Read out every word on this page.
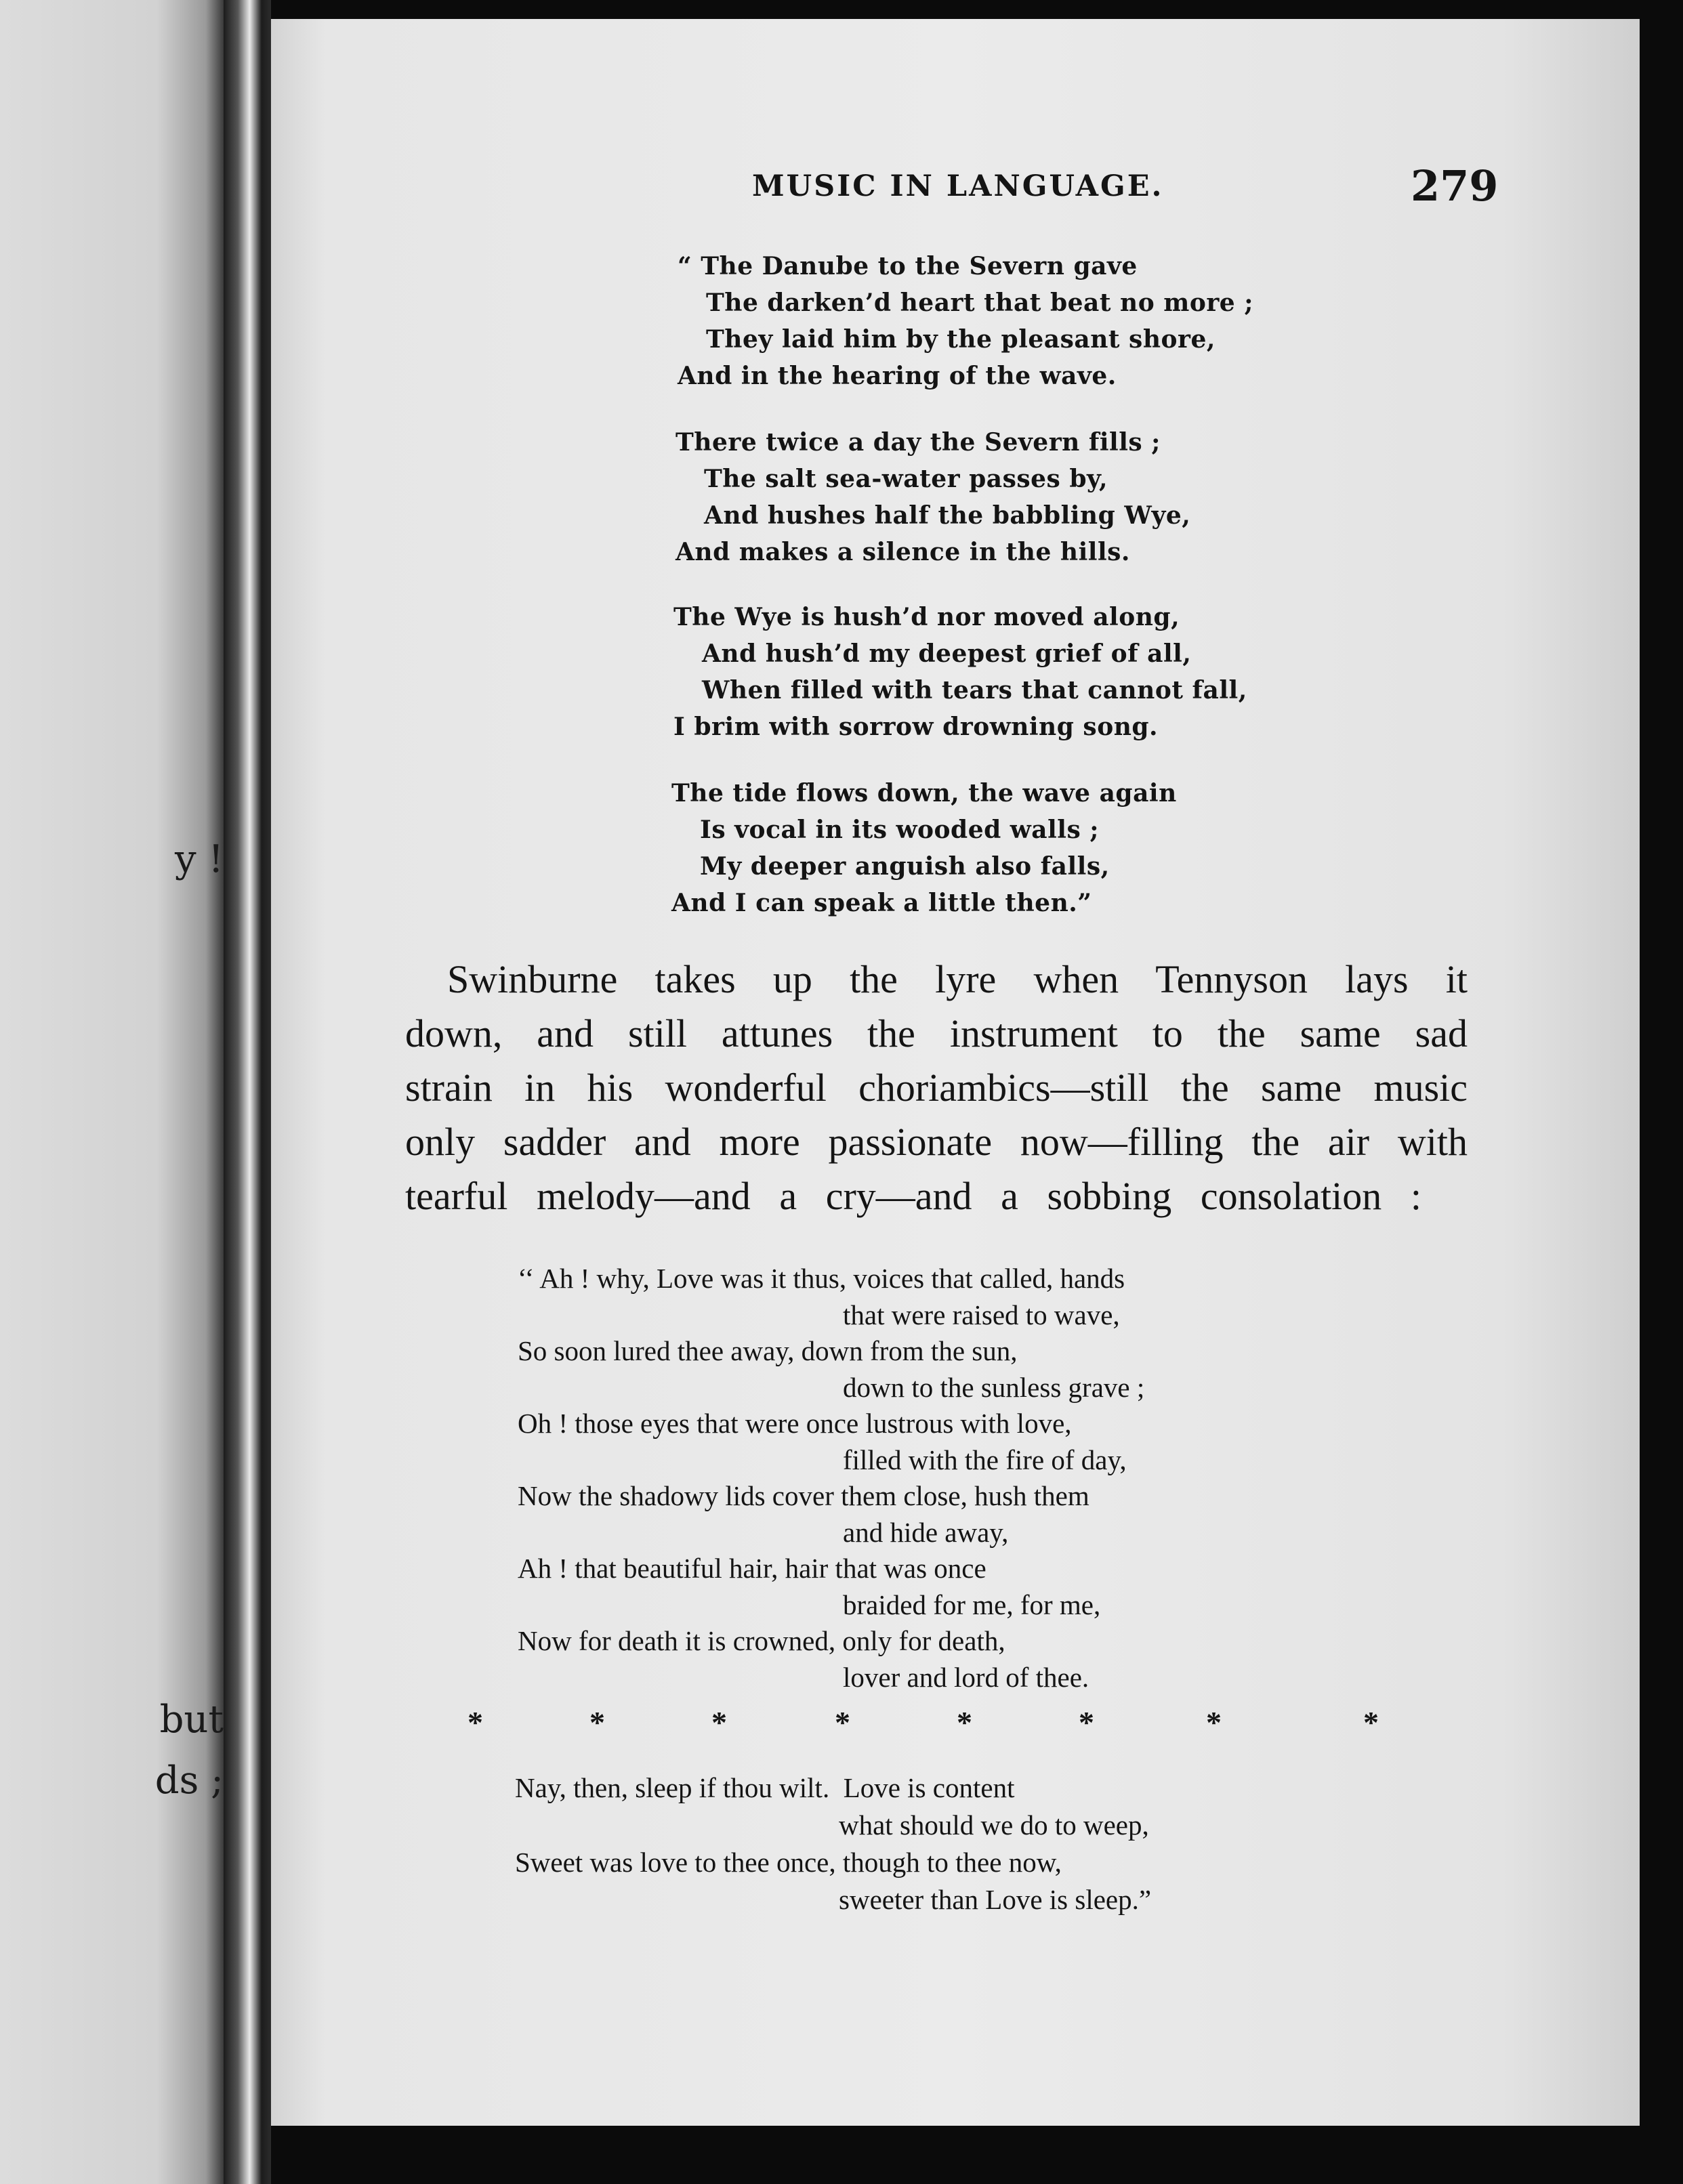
y !
but
ds ;
MUSIC IN LANGUAGE.	279
“ The Danube to the Severn gave
The darken’d heart that beat no more ;
They laid him by the pleasant shore,
And in the hearing of the wave.
There twice a day the Severn fills ;
The salt sea-water passes by,
And hushes half the babbling Wye,
And makes a silence in the hills.
The Wye is hush’d nor moved along,
And hush’d my deepest grief of all,
When filled with tears that cannot fall,
I brim with sorrow drowning song.
The tide flows down, the wave again
Is vocal in its wooded walls ;
My deeper anguish also falls,
And I can speak a little then.”
Swinburne takes up the lyre when Tennyson lays it
down, and still attunes the instrument to the same sad
strain in his wonderful choriambics—still the same music
only sadder and more passionate now—filling the air with
tearful melody—and a cry—and a sobbing consolation :
‘‘ Ah ! why, Love was it thus, voices that called, hands
that were raised to wave,
So soon lured thee away, down from the sun,
down to the sunless grave ;
Oh ! those eyes that were once lustrous with love,
filled with the fire of day,
Now the shadowy lids cover them close, hush them
and hide away,
Ah ! that beautiful hair, hair that was once
braided for me, for me,
Now for death it is crowned, only for death,
lover and lord of thee.
*	*	*	*	*	*	*	*
Nay, then, sleep if thou wilt.  Love is content
what should we do to weep,
Sweet was love to thee once, though to thee now,
sweeter than Love is sleep.”
